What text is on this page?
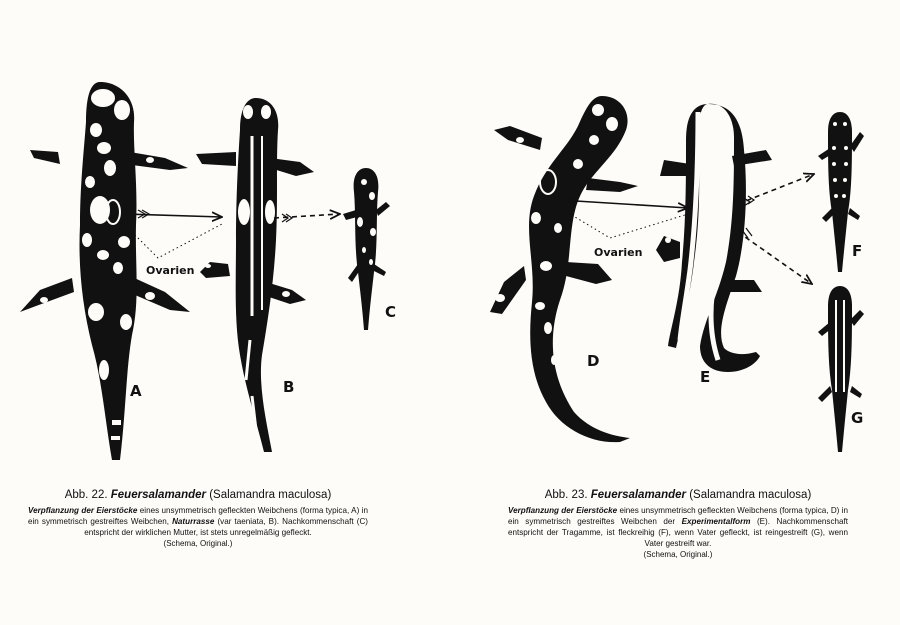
A	B
C
Ovarien
D
E
F
G
Ovarien
Abb. 22. Feuersalamander (Salamandra maculosa)
Verpflanzung der Eierstöcke eines unsymmetrisch gefleckten Weibchens (forma typica, A) in ein symmetrisch gestreiftes Weibchen, Naturrasse (var taeniata, B). Nachkommenschaft (C) entspricht der wirklichen Mutter, ist stets unregelmäßig gefleckt.
(Schema, Original.)
Abb. 23. Feuersalamander (Salamandra maculosa)
Verpflanzung der Eierstöcke eines unsymmetrisch gefleckten Weibchens (forma typica, D) in ein symmetrisch gestreiftes Weibchen der Experimentalform (E). Nachkommenschaft entspricht der Tragamme, ist fleckreihig (F), wenn Vater gefleckt, ist reingestreift (G), wenn Vater gestreift war.
(Schema, Original.)
